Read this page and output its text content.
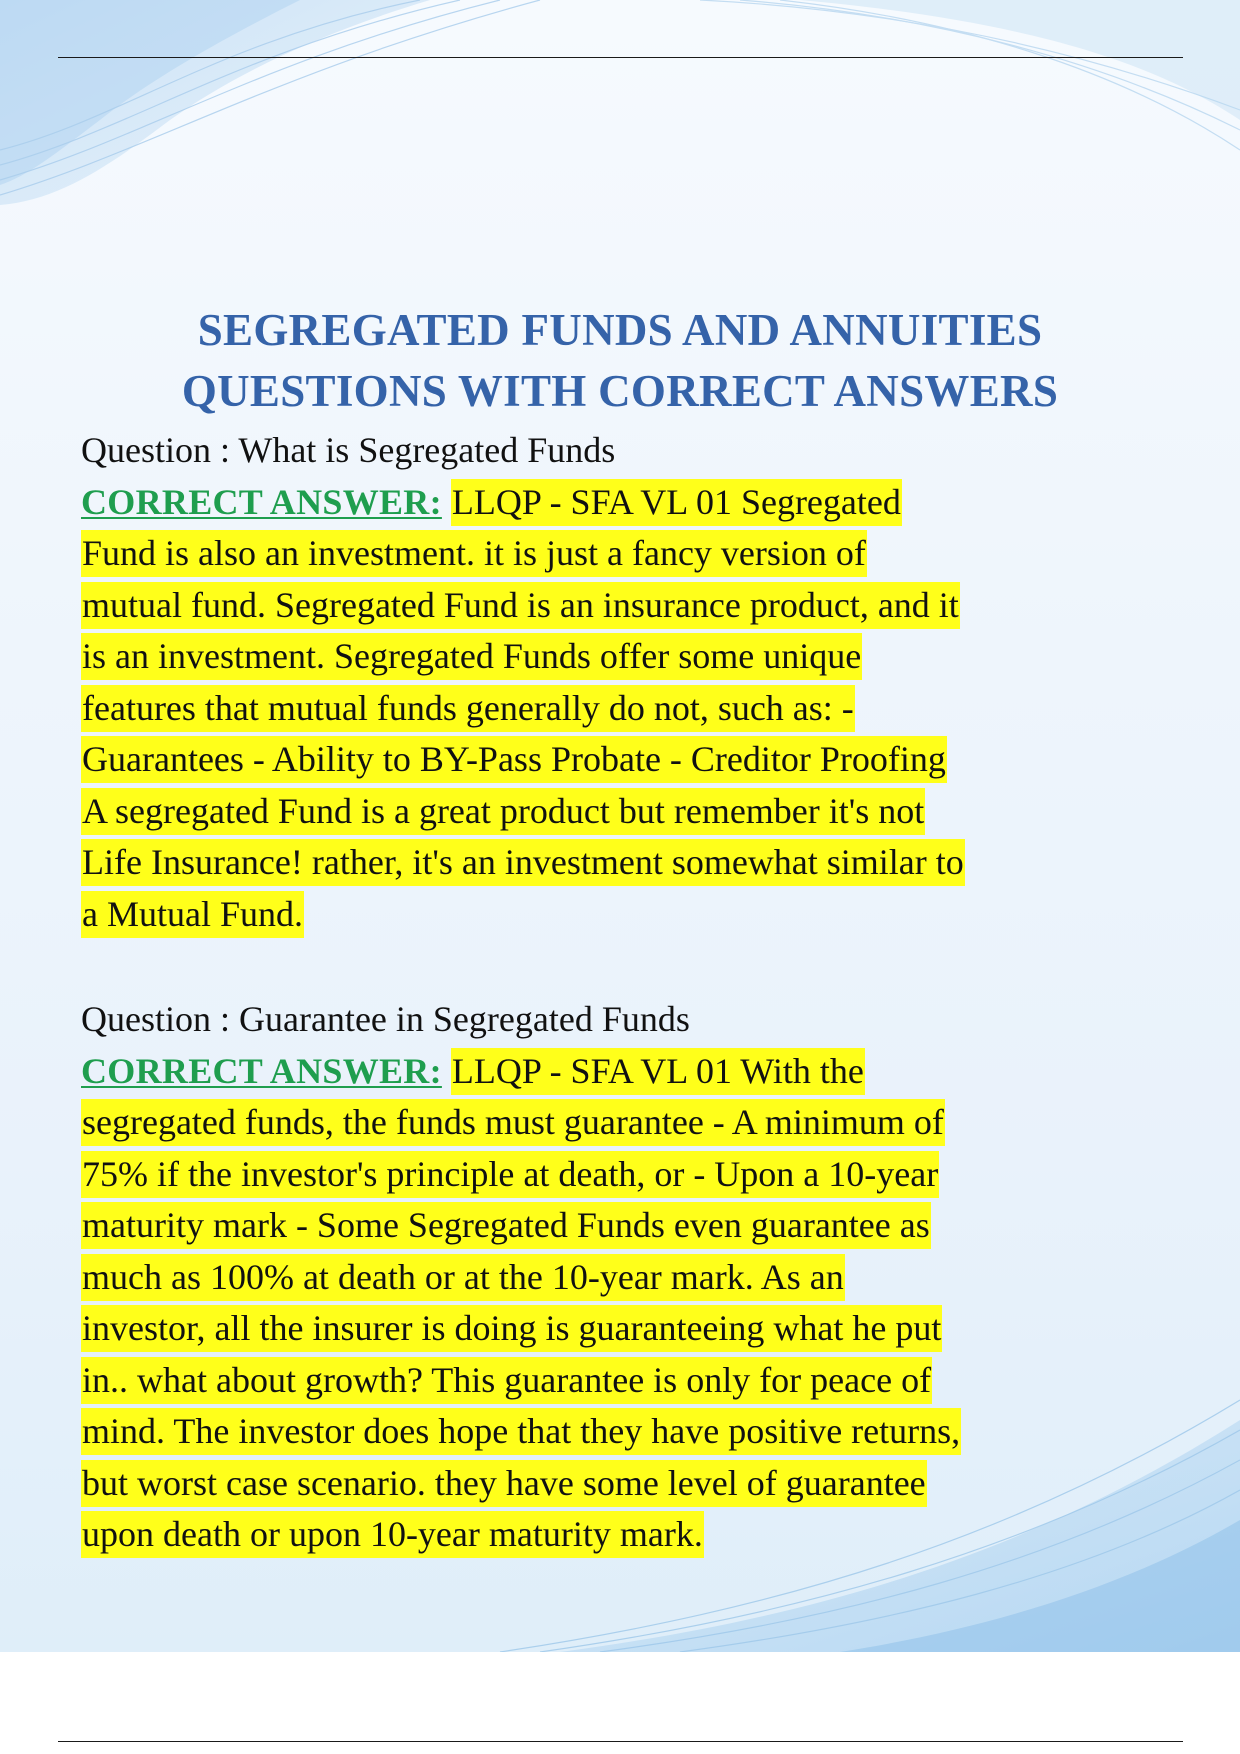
SEGREGATED FUNDS AND ANNUITIES
QUESTIONS WITH CORRECT ANSWERS
Question : What is Segregated Funds
CORRECT ANSWER: LLQP - SFA VL 01 Segregated
Fund is also an investment. it is just a fancy version of
mutual fund. Segregated Fund is an insurance product, and it
is an investment. Segregated Funds offer some unique
features that mutual funds generally do not, such as: -
Guarantees - Ability to BY-Pass Probate - Creditor Proofing
A segregated Fund is a great product but remember it's not
Life Insurance! rather, it's an investment somewhat similar to
a Mutual Fund.
Question : Guarantee in Segregated Funds
CORRECT ANSWER: LLQP - SFA VL 01 With the
segregated funds, the funds must guarantee - A minimum of
75% if the investor's principle at death, or - Upon a 10-year
maturity mark - Some Segregated Funds even guarantee as
much as 100% at death or at the 10-year mark. As an
investor, all the insurer is doing is guaranteeing what he put
in.. what about growth? This guarantee is only for peace of
mind. The investor does hope that they have positive returns,
but worst case scenario. they have some level of guarantee
upon death or upon 10-year maturity mark.
